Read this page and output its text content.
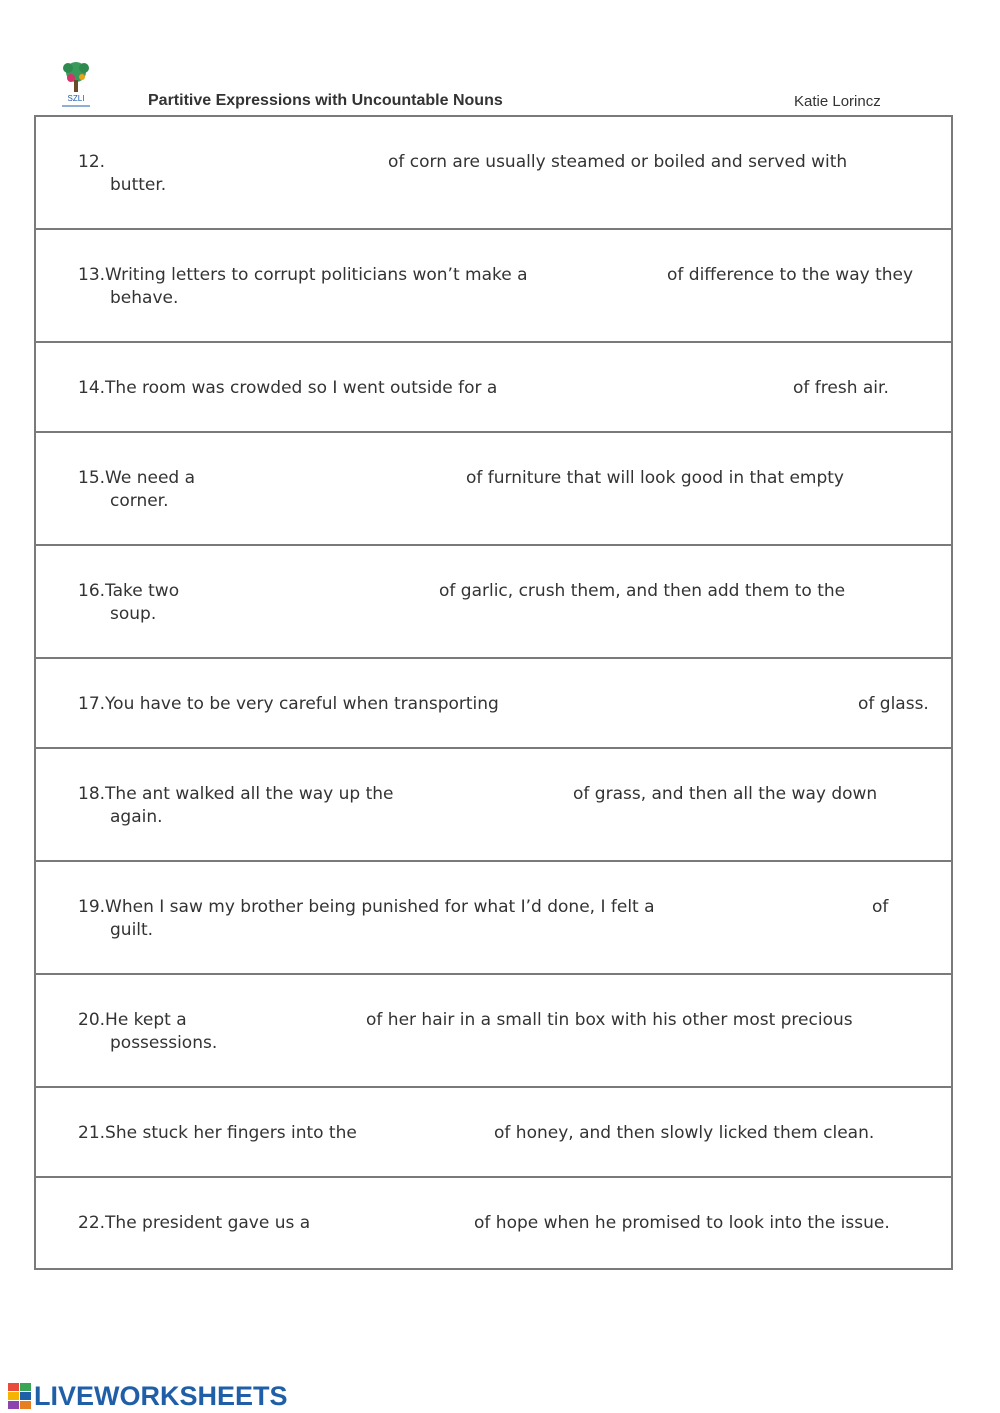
SZLI	Partitive Expressions with Uncountable Nouns	Katie Lorincz
12.	of corn are usually steamed or boiled and served with
butter.
13.Writing letters to corrupt politicians won’t make a	of difference to the way they
behave.
14.The room was crowded so I went outside for a	of fresh air.
15.We need a	of furniture that will look good in that empty
corner.
16.Take two	of garlic, crush them, and then add them to the
soup.
17.You have to be very careful when transporting	of glass.
18.The ant walked all the way up the	of grass, and then all the way down
again.
19.When I saw my brother being punished for what I’d done, I felt a	of
guilt.
20.He kept a	of her hair in a small tin box with his other most precious
possessions.
21.She stuck her fingers into the	of honey, and then slowly licked them clean.
22.The president gave us a	of hope when he promised to look into the issue.
LIVEWORKSHEETS
